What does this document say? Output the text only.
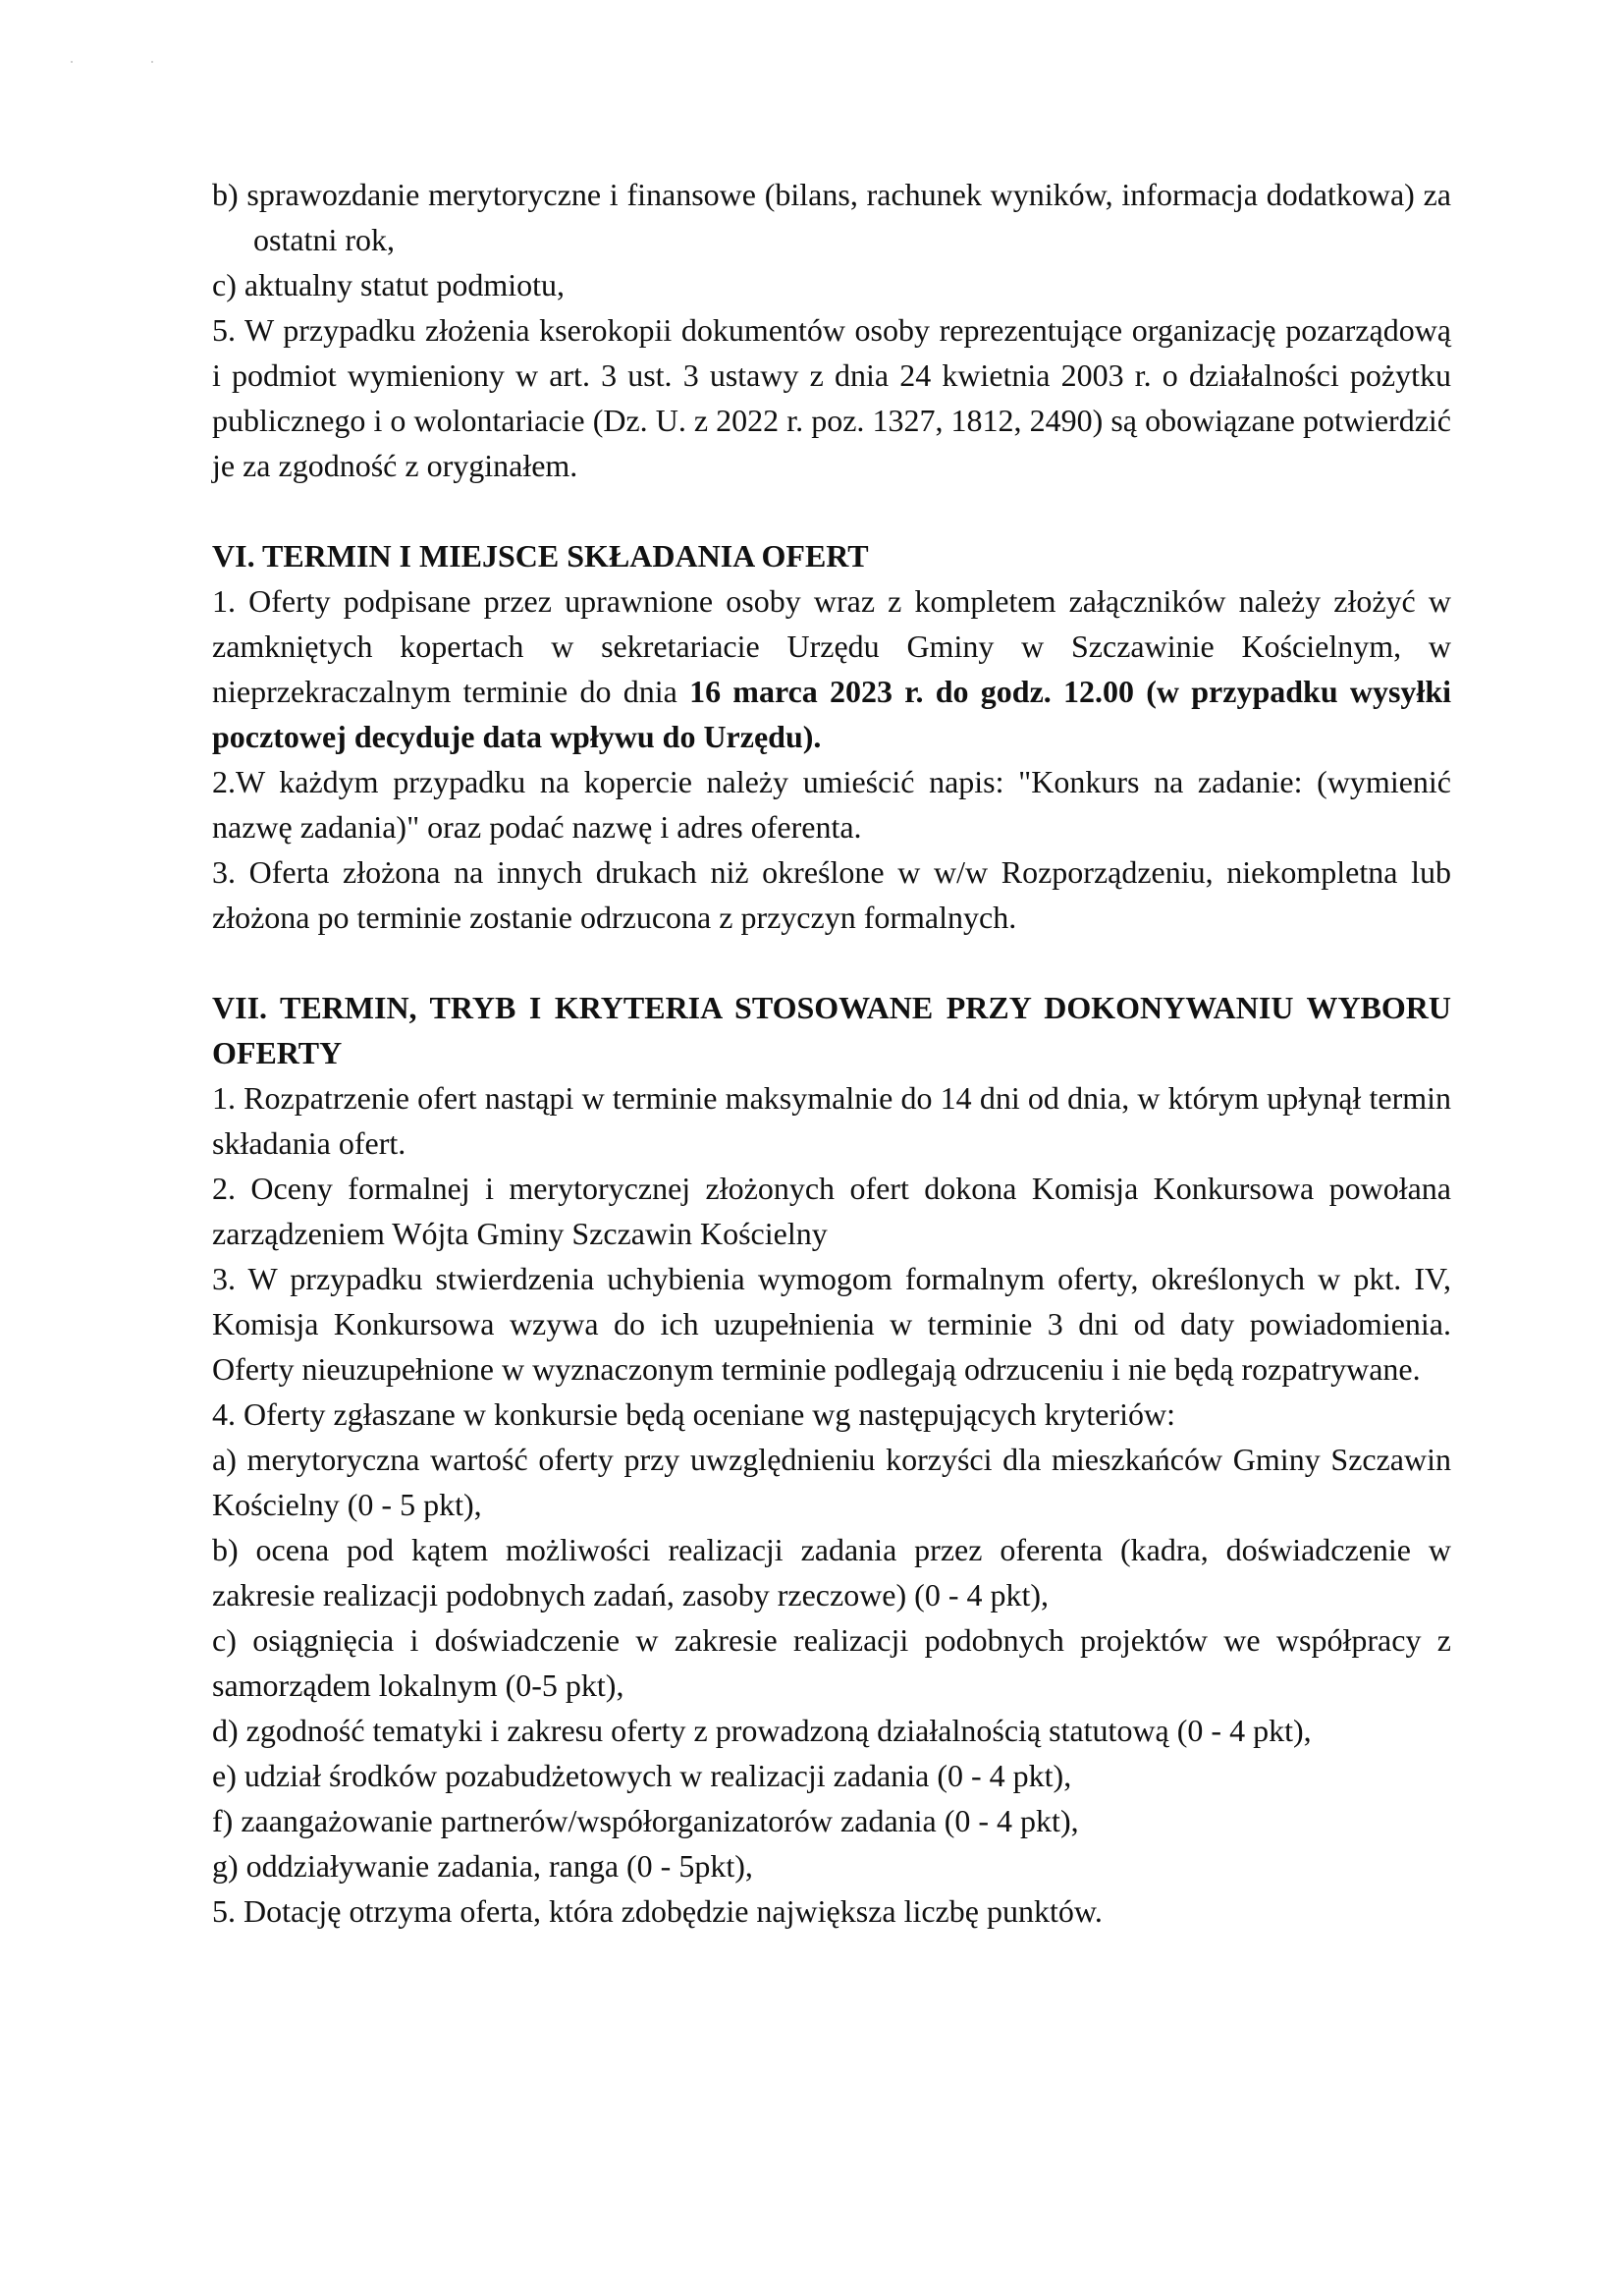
b) sprawozdanie merytoryczne i finansowe (bilans, rachunek wyników, informacja dodatkowa) za ostatni rok,

c) aktualny statut podmiotu,

5. W przypadku złożenia kserokopii dokumentów osoby reprezentujące organizację pozarządową i podmiot wymieniony w art. 3 ust. 3 ustawy z dnia 24 kwietnia 2003 r. o działalności pożytku publicznego i o wolontariacie (Dz. U. z 2022 r. poz. 1327, 1812, 2490) są obowiązane potwierdzić je za zgodność z oryginałem.

VI. TERMIN I MIEJSCE SKŁADANIA OFERT

1. Oferty podpisane przez uprawnione osoby wraz z kompletem załączników należy złożyć w zamkniętych kopertach w sekretariacie Urzędu Gminy w Szczawinie Kościelnym, w nieprzekraczalnym terminie do dnia 16 marca 2023 r. do godz. 12.00 (w przypadku wysyłki pocztowej decyduje data wpływu do Urzędu).

2.W każdym przypadku na kopercie należy umieścić napis: "Konkurs na zadanie: (wymienić nazwę zadania)" oraz podać nazwę i adres oferenta.

3. Oferta złożona na innych drukach niż określone w w/w Rozporządzeniu, niekompletna lub złożona po terminie zostanie odrzucona z przyczyn formalnych.

VII. TERMIN, TRYB I KRYTERIA STOSOWANE PRZY DOKONYWANIU WYBORU OFERTY

1. Rozpatrzenie ofert nastąpi w terminie maksymalnie do 14 dni od dnia, w którym upłynął termin składania ofert.

2. Oceny formalnej i merytorycznej złożonych ofert dokona Komisja Konkursowa powołana zarządzeniem Wójta Gminy Szczawin Kościelny

3. W przypadku stwierdzenia uchybienia wymogom formalnym oferty, określonych w pkt. IV, Komisja Konkursowa wzywa do ich uzupełnienia w terminie 3 dni od daty powiadomienia. Oferty nieuzupełnione w wyznaczonym terminie podlegają odrzuceniu i nie będą rozpatrywane.

4. Oferty zgłaszane w konkursie będą oceniane wg następujących kryteriów:

a) merytoryczna wartość oferty przy uwzględnieniu korzyści dla mieszkańców Gminy Szczawin Kościelny (0 - 5 pkt),

b) ocena pod kątem możliwości realizacji zadania przez oferenta (kadra, doświadczenie w zakresie realizacji podobnych zadań, zasoby rzeczowe) (0 - 4 pkt),

c) osiągnięcia i doświadczenie w zakresie realizacji podobnych projektów we współpracy z samorządem lokalnym (0-5 pkt),

d) zgodność tematyki i zakresu oferty z prowadzoną działalnością statutową (0 - 4 pkt),

e) udział środków pozabudżetowych w realizacji zadania (0 - 4 pkt),

f) zaangażowanie partnerów/współorganizatorów zadania (0 - 4 pkt),

g) oddziaływanie zadania, ranga (0 - 5pkt),

5. Dotację otrzyma oferta, która zdobędzie największa liczbę punktów.
